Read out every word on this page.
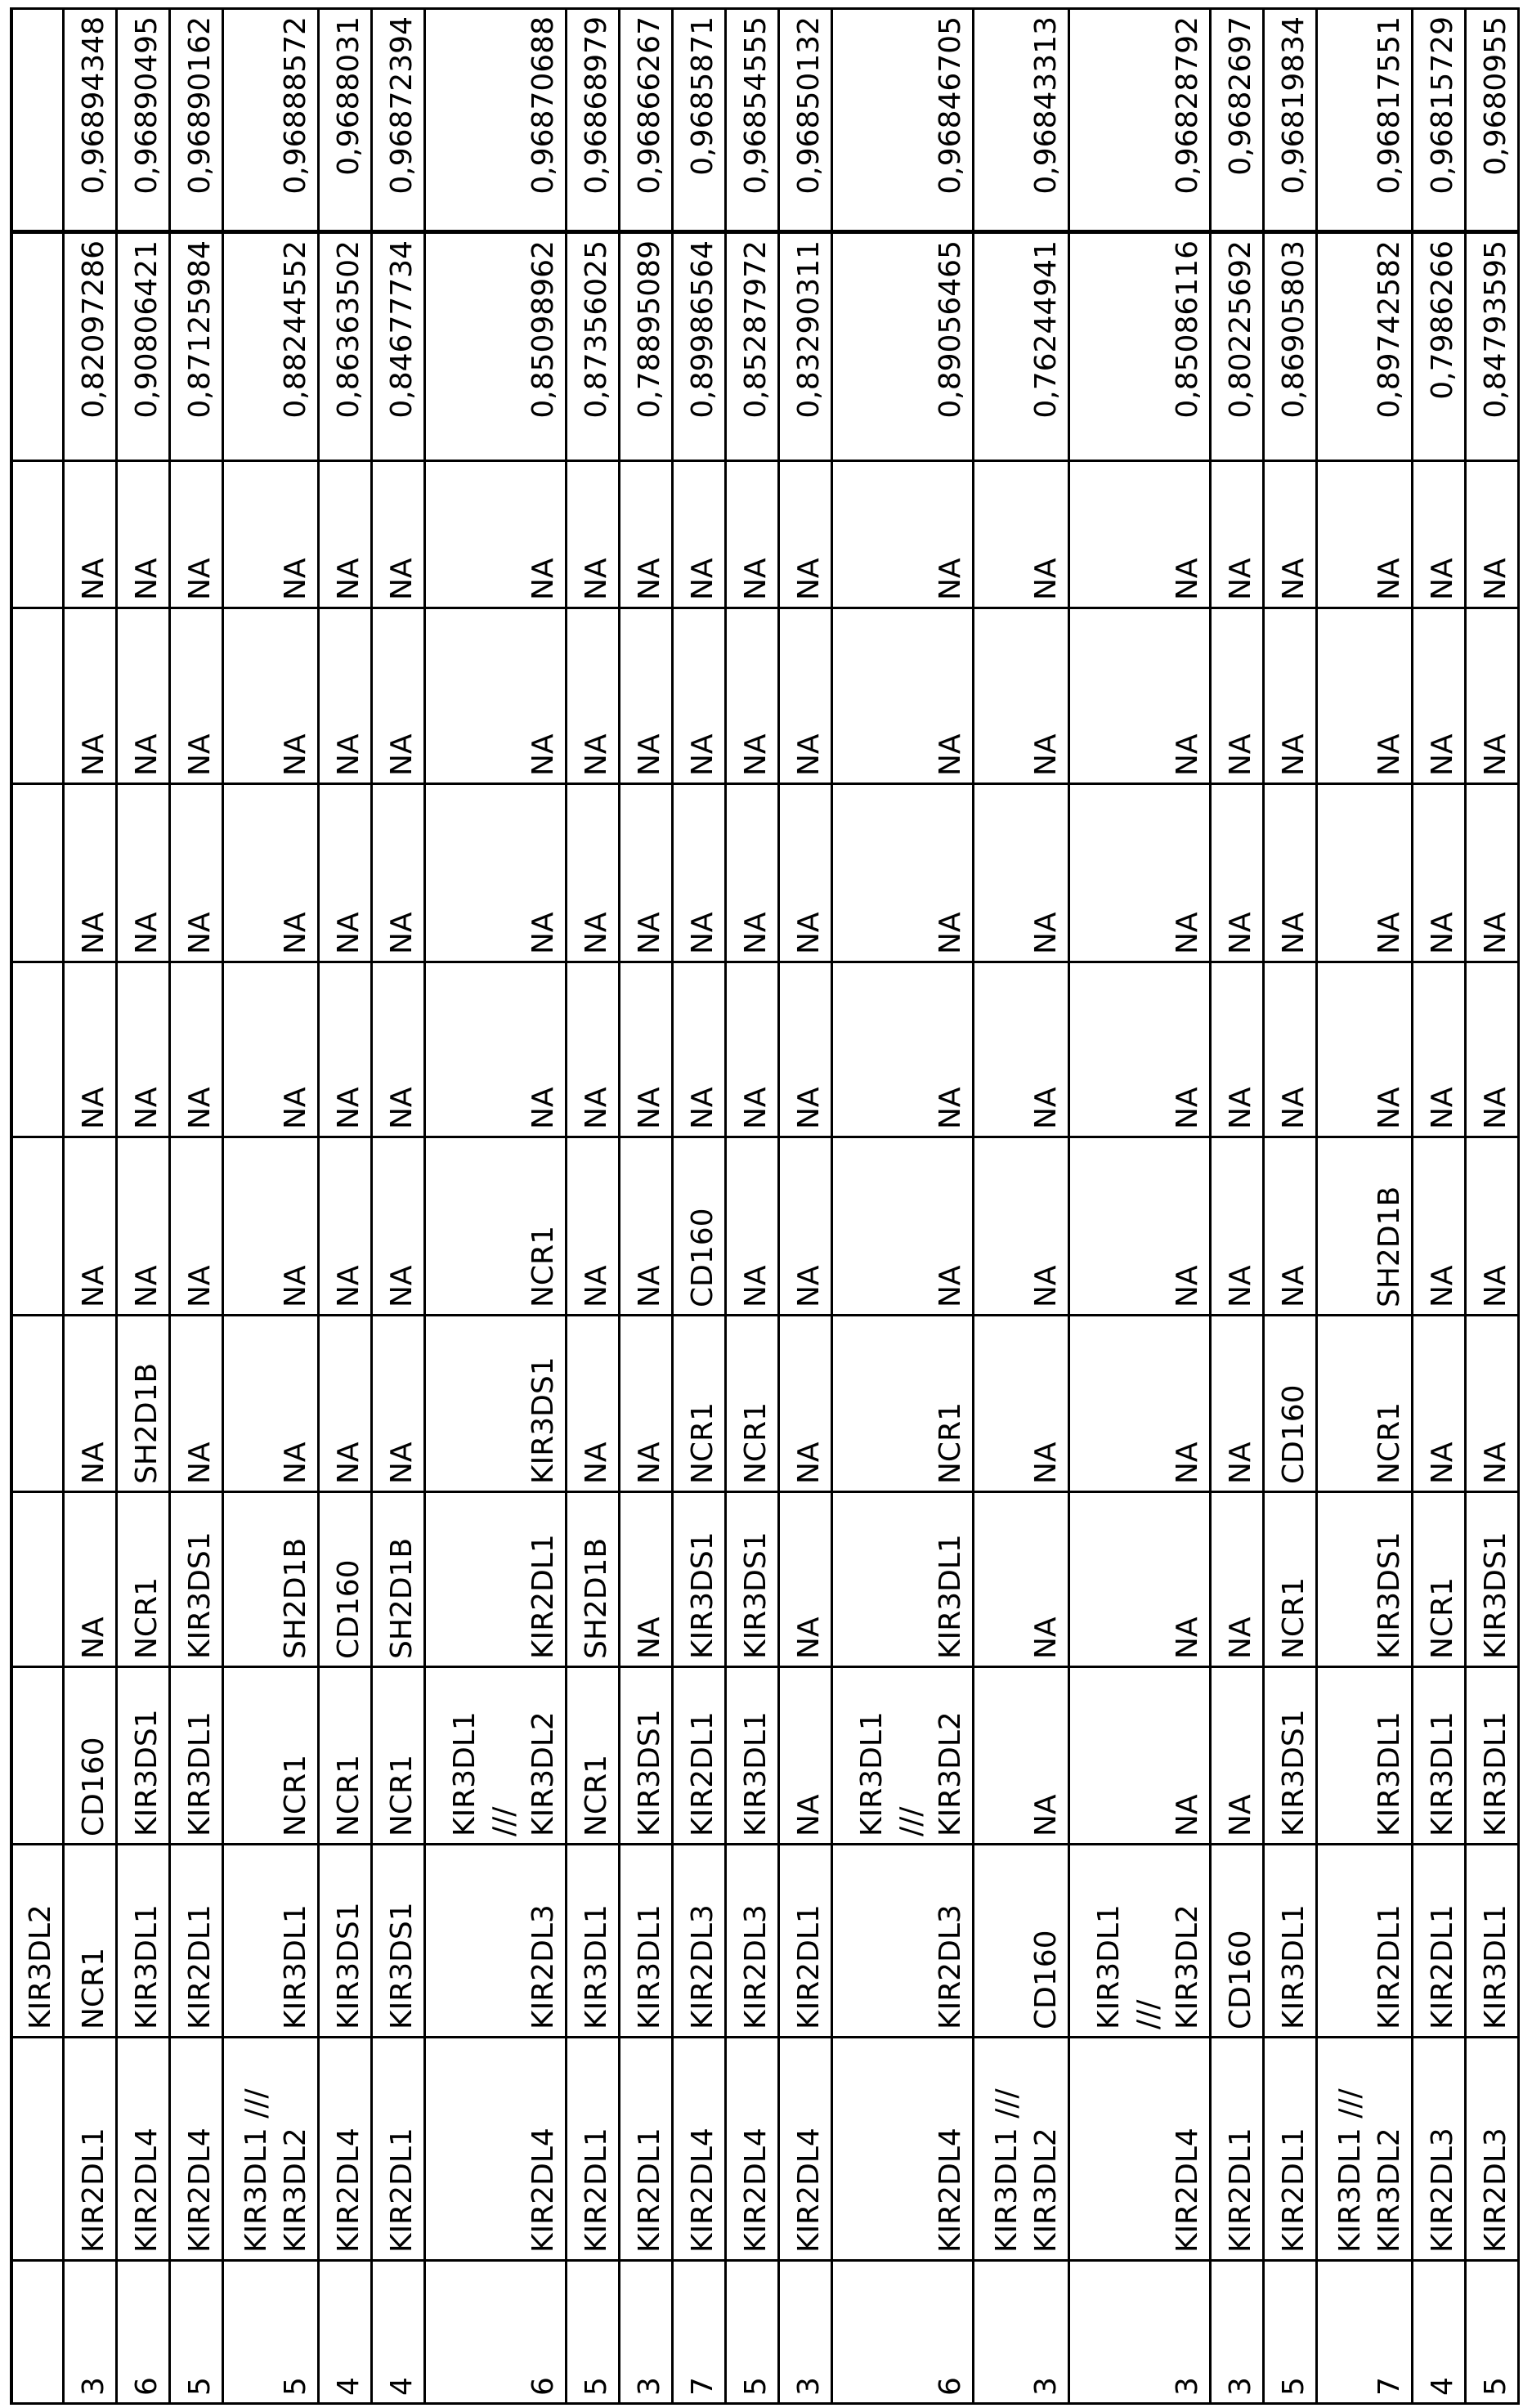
		KIR3DL2										
3	KIR2DL1	NCR1	CD160	NA	NA	NA	NA	NA	NA	NA	0,82097286	0,96894348
6	KIR2DL4	KIR3DL1	KIR3DS1	NCR1	SH2D1B	NA	NA	NA	NA	NA	0,90806421	0,96890495
5	KIR2DL4	KIR2DL1	KIR3DL1	KIR3DS1	NA	NA	NA	NA	NA	NA	0,87125984	0,96890162
5	KIR3DL1 ///
KIR3DL2	KIR3DL1	NCR1	SH2D1B	NA	NA	NA	NA	NA	NA	0,88244552	0,96888572
4	KIR2DL4	KIR3DS1	NCR1	CD160	NA	NA	NA	NA	NA	NA	0,86363502	0,9688031
4	KIR2DL1	KIR3DS1	NCR1	SH2D1B	NA	NA	NA	NA	NA	NA	0,84677734	0,96872394
6	KIR2DL4	KIR2DL3	KIR3DL1
///
KIR3DL2	KIR2DL1	KIR3DS1	NCR1	NA	NA	NA	NA	0,85098962	0,96870688
5	KIR2DL1	KIR3DL1	NCR1	SH2D1B	NA	NA	NA	NA	NA	NA	0,87356025	0,96868979
3	KIR2DL1	KIR3DL1	KIR3DS1	NA	NA	NA	NA	NA	NA	NA	0,78895089	0,96866267
7	KIR2DL4	KIR2DL3	KIR2DL1	KIR3DS1	NCR1	CD160	NA	NA	NA	NA	0,89986564	0,9685871
5	KIR2DL4	KIR2DL3	KIR3DL1	KIR3DS1	NCR1	NA	NA	NA	NA	NA	0,85287972	0,96854555
3	KIR2DL4	KIR2DL1	NA	NA	NA	NA	NA	NA	NA	NA	0,83290311	0,96850132
6	KIR2DL4	KIR2DL3	KIR3DL1
///
KIR3DL2	KIR3DL1	NCR1	NA	NA	NA	NA	NA	0,89056465	0,96846705
3	KIR3DL1 ///
KIR3DL2	CD160	NA	NA	NA	NA	NA	NA	NA	NA	0,76244941	0,96843313
3	KIR2DL4	KIR3DL1
///
KIR3DL2	NA	NA	NA	NA	NA	NA	NA	NA	0,85086116	0,96828792
3	KIR2DL1	CD160	NA	NA	NA	NA	NA	NA	NA	NA	0,80225692	0,9682697
5	KIR2DL1	KIR3DL1	KIR3DS1	NCR1	CD160	NA	NA	NA	NA	NA	0,86905803	0,96819834
7	KIR3DL1 ///
KIR3DL2	KIR2DL1	KIR3DL1	KIR3DS1	NCR1	SH2D1B	NA	NA	NA	NA	0,89742582	0,96817551
4	KIR2DL3	KIR2DL1	KIR3DL1	NCR1	NA	NA	NA	NA	NA	NA	0,7986266	0,96815729
5	KIR2DL3	KIR3DL1	KIR3DL1	KIR3DS1	NA	NA	NA	NA	NA	NA	0,84793595	0,9680955
